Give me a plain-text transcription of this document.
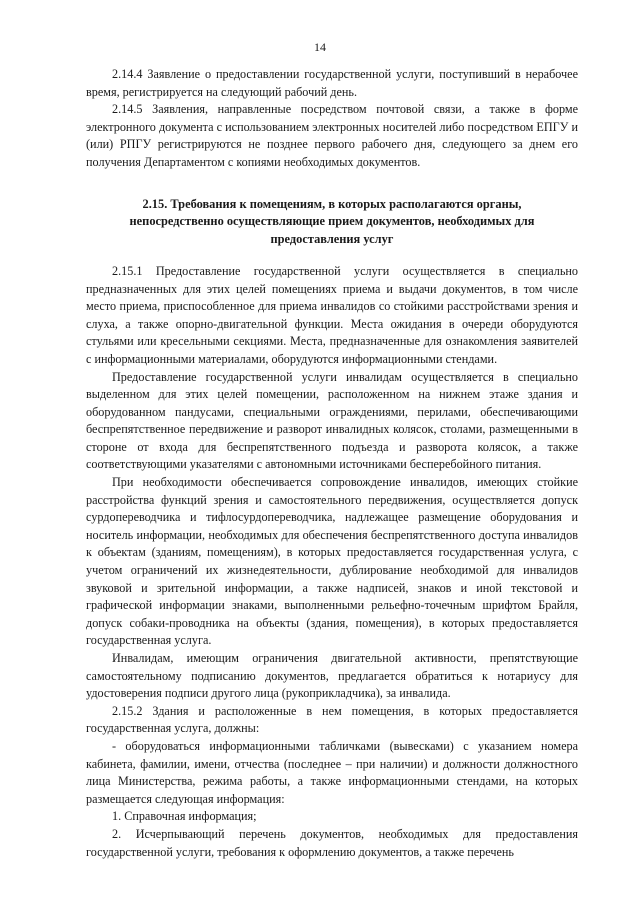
14

2.14.4 Заявление о предоставлении государственной услуги, поступивший в нерабочее время, регистрируется на следующий рабочий день.

2.14.5 Заявления, направленные посредством почтовой связи, а также в форме электронного документа с использованием электронных носителей либо посредством ЕПГУ и (или) РПГУ регистрируются не позднее первого рабочего дня, следующего за днем его получения Департаментом с копиями необходимых документов.

2.15. Требования к помещениям, в которых располагаются органы, непосредственно осуществляющие прием документов, необходимых для предоставления услуг

2.15.1 Предоставление государственной услуги осуществляется в специально предназначенных для этих целей помещениях приема и выдачи документов, в том числе место приема, приспособленное для приема инвалидов со стойкими расстройствами зрения и слуха, а также опорно-двигательной функции. Места ожидания в очереди оборудуются стульями или кресельными секциями. Места, предназначенные для ознакомления заявителей с информационными материалами, оборудуются информационными стендами.

Предоставление государственной услуги инвалидам осуществляется в специально выделенном для этих целей помещении, расположенном на нижнем этаже здания и оборудованном пандусами, специальными ограждениями, перилами, обеспечивающими беспрепятственное передвижение и разворот инвалидных колясок, столами, размещенными в стороне от входа для беспрепятственного подъезда и разворота колясок, а также соответствующими указателями с автономными источниками бесперебойного питания.

При необходимости обеспечивается сопровождение инвалидов, имеющих стойкие расстройства функций зрения и самостоятельного передвижения, осуществляется допуск сурдопереводчика и тифлосурдопереводчика, надлежащее размещение оборудования и носитель информации, необходимых для обеспечения беспрепятственного доступа инвалидов к объектам (зданиям, помещениям), в которых предоставляется государственная услуга, с учетом ограничений их жизнедеятельности, дублирование необходимой для инвалидов звуковой и зрительной информации, а также надписей, знаков и иной текстовой и графической информации знаками, выполненными рельефно-точечным шрифтом Брайля, допуск собаки-проводника на объекты (здания, помещения), в которых предоставляется государственная услуга.

Инвалидам, имеющим ограничения двигательной активности, препятствующие самостоятельному подписанию документов, предлагается обратиться к нотариусу для удостоверения подписи другого лица (рукоприкладчика), за инвалида.

2.15.2 Здания и расположенные в нем помещения, в которых предоставляется государственная услуга, должны:

- оборудоваться информационными табличками (вывесками) с указанием номера кабинета, фамилии, имени, отчества (последнее – при наличии) и должности должностного лица Министерства, режима работы, а также информационными стендами, на которых размещается следующая информация:

1. Справочная информация;

2. Исчерпывающий перечень документов, необходимых для предоставления государственной услуги, требования к оформлению документов, а также перечень
